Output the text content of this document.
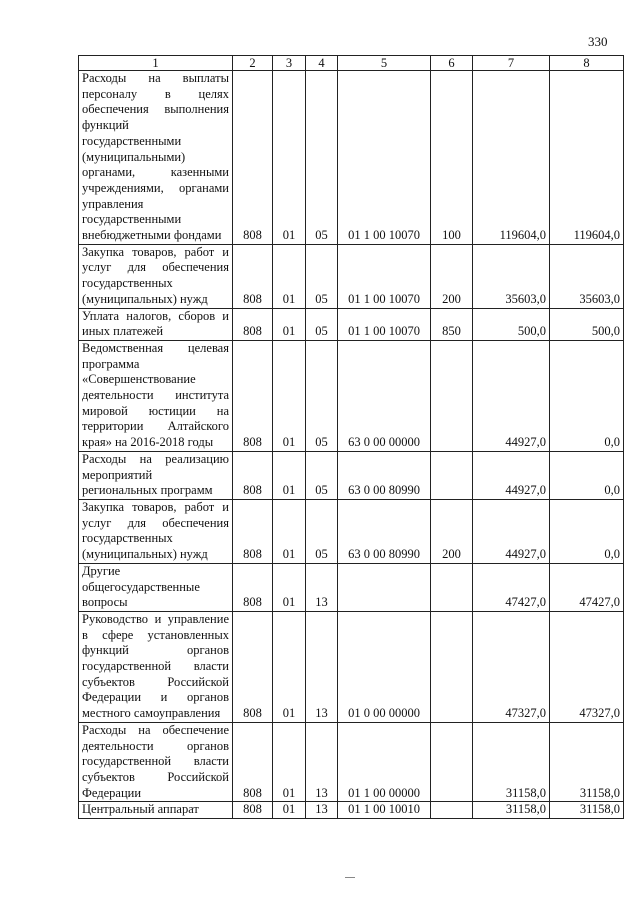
330
1	2	3	4	5	6	7	8
Расходы на выплаты персоналу в целях обеспечения выполнения функций государственными (муниципальными) органами, казенными учреждениями, органами управления государственными внебюджетными фондами	808	01	05	01 1 00 10070	100	119604,0	119604,0
Закупка товаров, работ и услуг для обеспечения государственных (муниципальных) нужд	808	01	05	01 1 00 10070	200	35603,0	35603,0
Уплата налогов, сборов и иных платежей	808	01	05	01 1 00 10070	850	500,0	500,0
Ведомственная целевая программа «Совершенствование деятельности института мировой юстиции на территории Алтайского края» на 2016-2018 годы	808	01	05	63 0 00 00000		44927,0	0,0
Расходы на реализацию мероприятий региональных программ	808	01	05	63 0 00 80990		44927,0	0,0
Закупка товаров, работ и услуг для обеспечения государственных (муниципальных) нужд	808	01	05	63 0 00 80990	200	44927,0	0,0
Другие общегосударственные вопросы	808	01	13			47427,0	47427,0
Руководство и управление в сфере установленных функций органов государственной власти субъектов Российской Федерации и органов местного самоуправления	808	01	13	01 0 00 00000		47327,0	47327,0
Расходы на обеспечение деятельности органов государственной власти субъектов Российской Федерации	808	01	13	01 1 00 00000		31158,0	31158,0
Центральный аппарат	808	01	13	01 1 00 10010		31158,0	31158,0
